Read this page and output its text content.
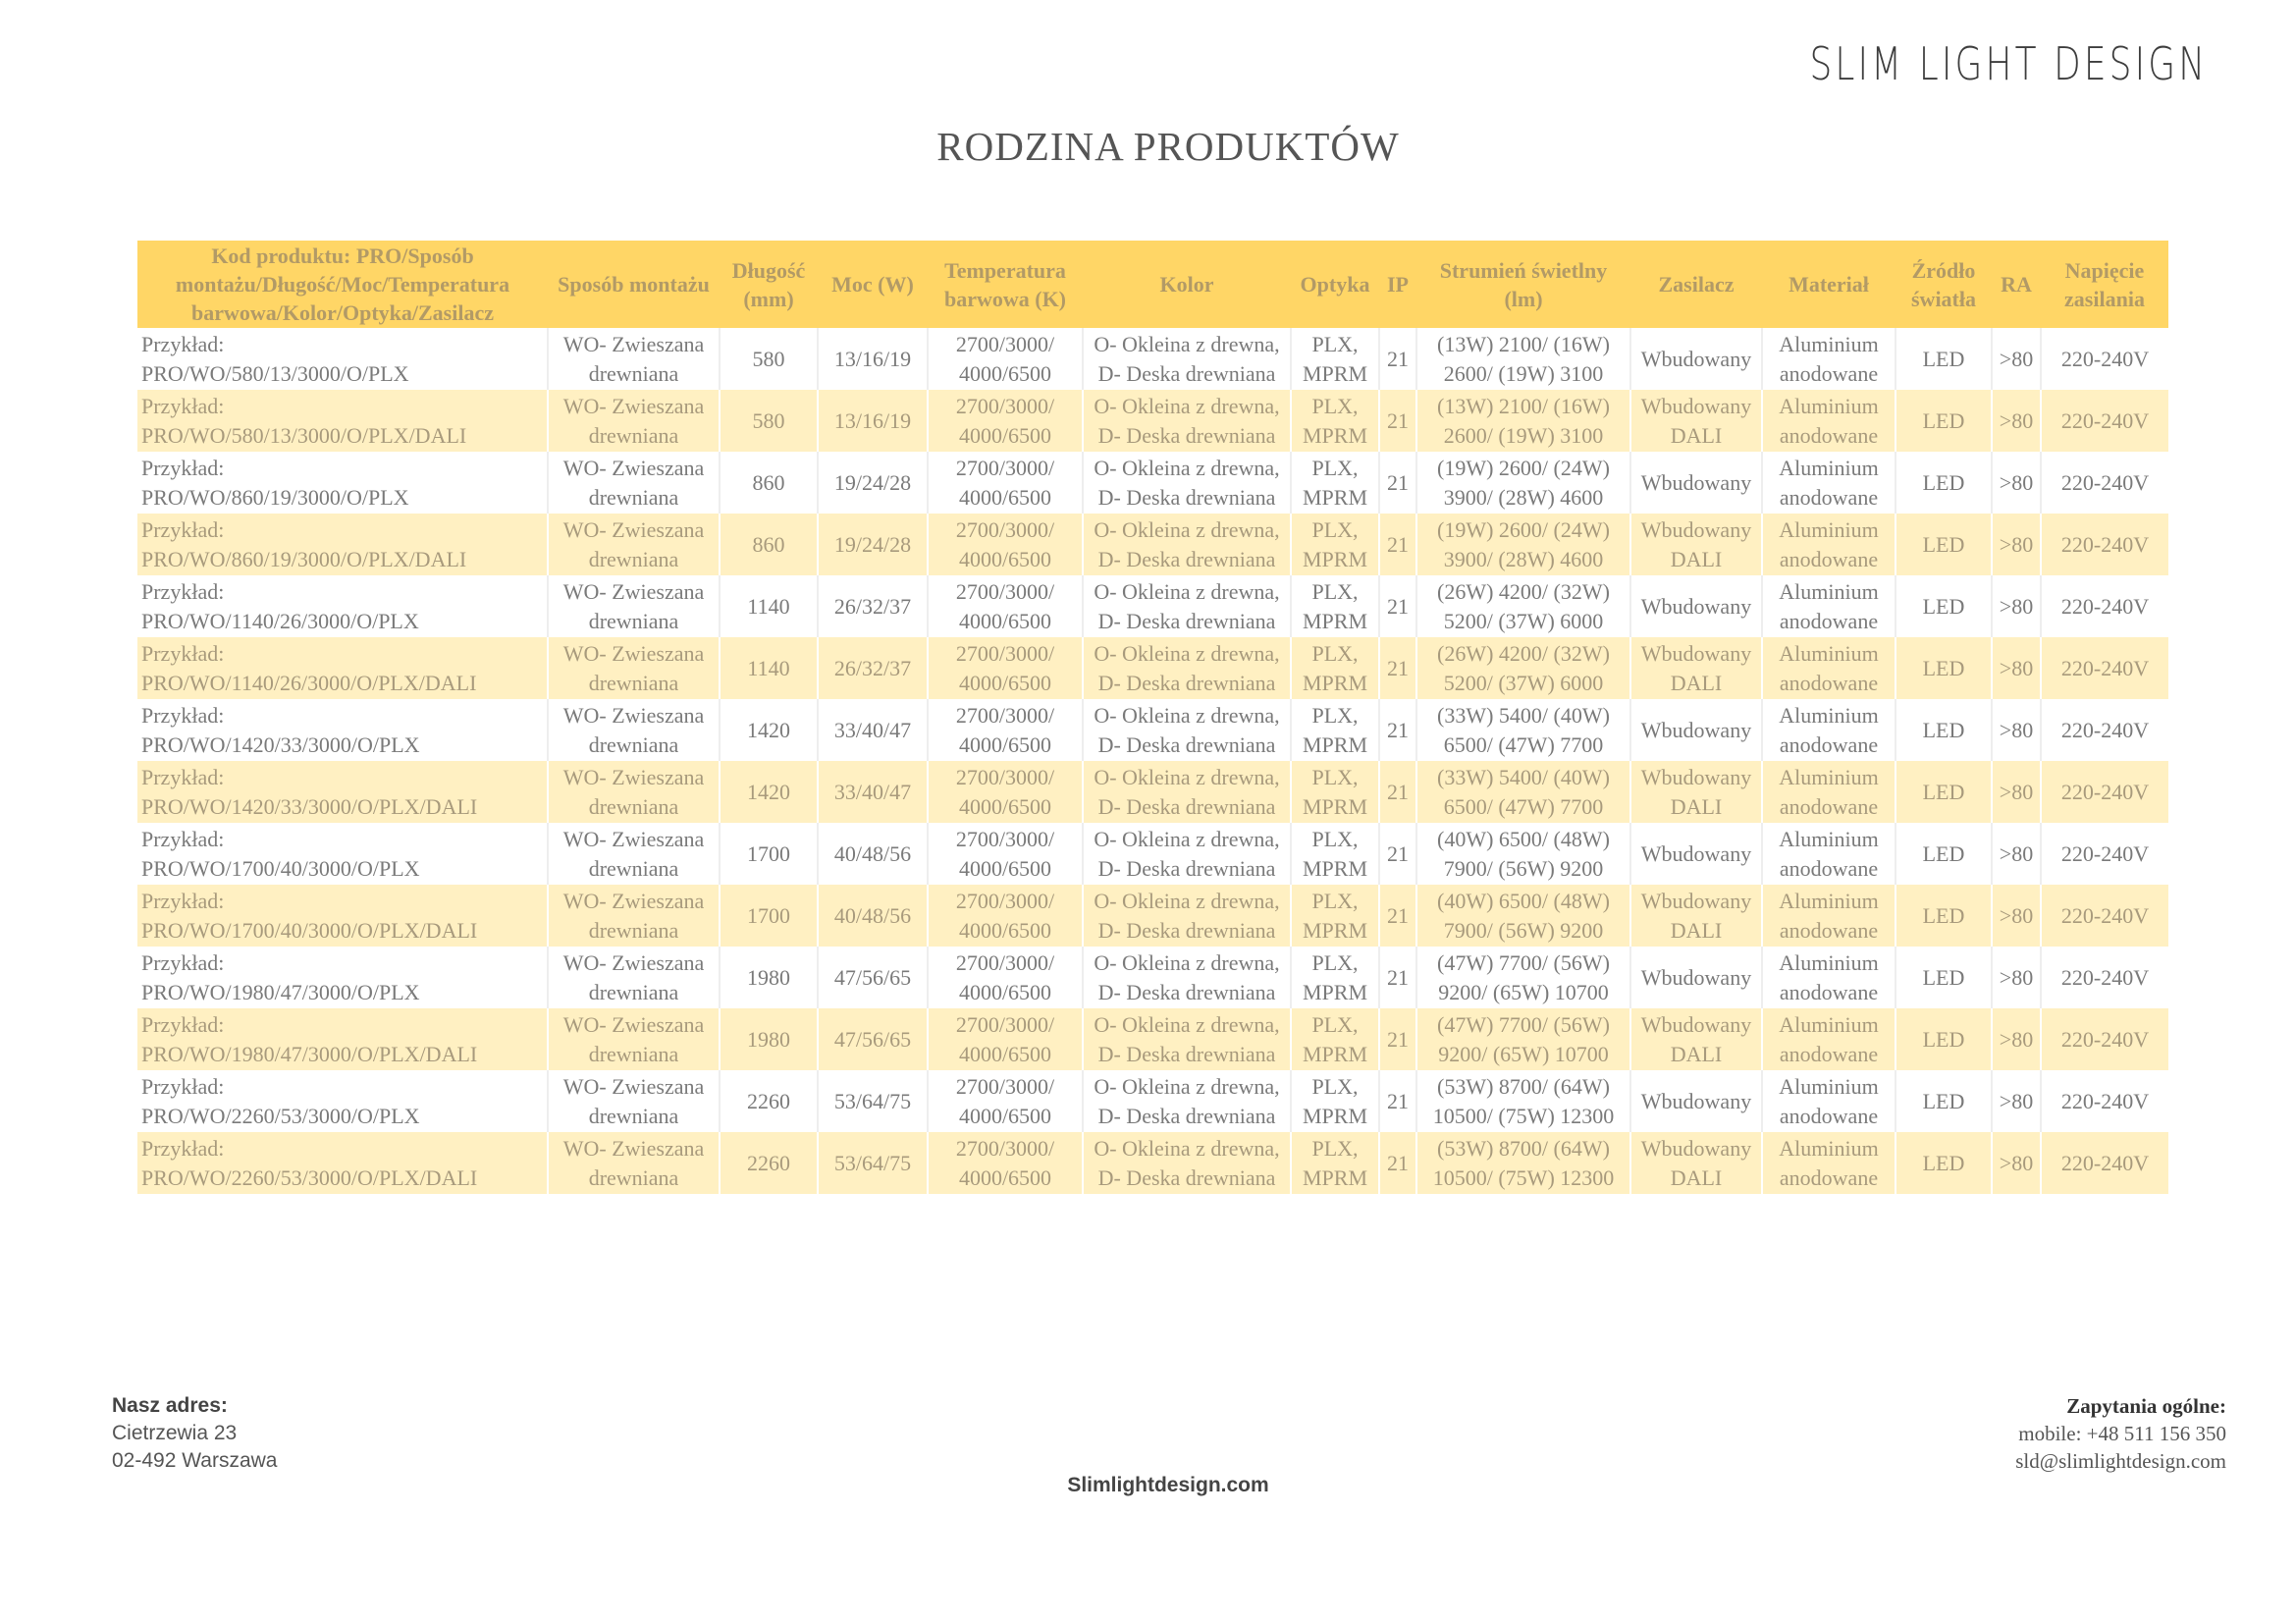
SLIM LIGHT DESIGN
RODZINA PRODUKTÓW
Kod produktu: PRO/Sposób montażu/Długość/Moc/Temperatura barwowa/Kolor/Optyka/Zasilacz	Sposób montażu	Długość (mm)	Moc (W)	Temperatura barwowa (K)	Kolor	Optyka	IP	Strumień świetlny (lm)	Zasilacz	Materiał	Źródło światła	RA	Napięcie zasilania
Przykład:
PRO/WO/580/13/3000/O/PLX	WO- Zwieszana
drewniana	580	13/16/19	2700/3000/
4000/6500	O- Okleina z drewna,
D- Deska drewniana	PLX,
MPRM	21	(13W) 2100/ (16W)
2600/ (19W) 3100	Wbudowany	Aluminium
anodowane	LED	>80	220-240V
Przykład:
PRO/WO/580/13/3000/O/PLX/DALI	WO- Zwieszana
drewniana	580	13/16/19	2700/3000/
4000/6500	O- Okleina z drewna,
D- Deska drewniana	PLX,
MPRM	21	(13W) 2100/ (16W)
2600/ (19W) 3100	Wbudowany
DALI	Aluminium
anodowane	LED	>80	220-240V
Przykład:
PRO/WO/860/19/3000/O/PLX	WO- Zwieszana
drewniana	860	19/24/28	2700/3000/
4000/6500	O- Okleina z drewna,
D- Deska drewniana	PLX,
MPRM	21	(19W) 2600/ (24W)
3900/ (28W) 4600	Wbudowany	Aluminium
anodowane	LED	>80	220-240V
Przykład:
PRO/WO/860/19/3000/O/PLX/DALI	WO- Zwieszana
drewniana	860	19/24/28	2700/3000/
4000/6500	O- Okleina z drewna,
D- Deska drewniana	PLX,
MPRM	21	(19W) 2600/ (24W)
3900/ (28W) 4600	Wbudowany
DALI	Aluminium
anodowane	LED	>80	220-240V
Przykład:
PRO/WO/1140/26/3000/O/PLX	WO- Zwieszana
drewniana	1140	26/32/37	2700/3000/
4000/6500	O- Okleina z drewna,
D- Deska drewniana	PLX,
MPRM	21	(26W) 4200/ (32W)
5200/ (37W) 6000	Wbudowany	Aluminium
anodowane	LED	>80	220-240V
Przykład:
PRO/WO/1140/26/3000/O/PLX/DALI	WO- Zwieszana
drewniana	1140	26/32/37	2700/3000/
4000/6500	O- Okleina z drewna,
D- Deska drewniana	PLX,
MPRM	21	(26W) 4200/ (32W)
5200/ (37W) 6000	Wbudowany
DALI	Aluminium
anodowane	LED	>80	220-240V
Przykład:
PRO/WO/1420/33/3000/O/PLX	WO- Zwieszana
drewniana	1420	33/40/47	2700/3000/
4000/6500	O- Okleina z drewna,
D- Deska drewniana	PLX,
MPRM	21	(33W) 5400/ (40W)
6500/ (47W) 7700	Wbudowany	Aluminium
anodowane	LED	>80	220-240V
Przykład:
PRO/WO/1420/33/3000/O/PLX/DALI	WO- Zwieszana
drewniana	1420	33/40/47	2700/3000/
4000/6500	O- Okleina z drewna,
D- Deska drewniana	PLX,
MPRM	21	(33W) 5400/ (40W)
6500/ (47W) 7700	Wbudowany
DALI	Aluminium
anodowane	LED	>80	220-240V
Przykład:
PRO/WO/1700/40/3000/O/PLX	WO- Zwieszana
drewniana	1700	40/48/56	2700/3000/
4000/6500	O- Okleina z drewna,
D- Deska drewniana	PLX,
MPRM	21	(40W) 6500/ (48W)
7900/ (56W) 9200	Wbudowany	Aluminium
anodowane	LED	>80	220-240V
Przykład:
PRO/WO/1700/40/3000/O/PLX/DALI	WO- Zwieszana
drewniana	1700	40/48/56	2700/3000/
4000/6500	O- Okleina z drewna,
D- Deska drewniana	PLX,
MPRM	21	(40W) 6500/ (48W)
7900/ (56W) 9200	Wbudowany
DALI	Aluminium
anodowane	LED	>80	220-240V
Przykład:
PRO/WO/1980/47/3000/O/PLX	WO- Zwieszana
drewniana	1980	47/56/65	2700/3000/
4000/6500	O- Okleina z drewna,
D- Deska drewniana	PLX,
MPRM	21	(47W) 7700/ (56W)
9200/ (65W) 10700	Wbudowany	Aluminium
anodowane	LED	>80	220-240V
Przykład:
PRO/WO/1980/47/3000/O/PLX/DALI	WO- Zwieszana
drewniana	1980	47/56/65	2700/3000/
4000/6500	O- Okleina z drewna,
D- Deska drewniana	PLX,
MPRM	21	(47W) 7700/ (56W)
9200/ (65W) 10700	Wbudowany
DALI	Aluminium
anodowane	LED	>80	220-240V
Przykład:
PRO/WO/2260/53/3000/O/PLX	WO- Zwieszana
drewniana	2260	53/64/75	2700/3000/
4000/6500	O- Okleina z drewna,
D- Deska drewniana	PLX,
MPRM	21	(53W) 8700/ (64W)
10500/ (75W) 12300	Wbudowany	Aluminium
anodowane	LED	>80	220-240V
Przykład:
PRO/WO/2260/53/3000/O/PLX/DALI	WO- Zwieszana
drewniana	2260	53/64/75	2700/3000/
4000/6500	O- Okleina z drewna,
D- Deska drewniana	PLX,
MPRM	21	(53W) 8700/ (64W)
10500/ (75W) 12300	Wbudowany
DALI	Aluminium
anodowane	LED	>80	220-240V
Nasz adres:
Cietrzewia 23
02-492 Warszawa
Slimlightdesign.com
Zapytania ogólne:
mobile: +48 511 156 350
sld@slimlightdesign.com
